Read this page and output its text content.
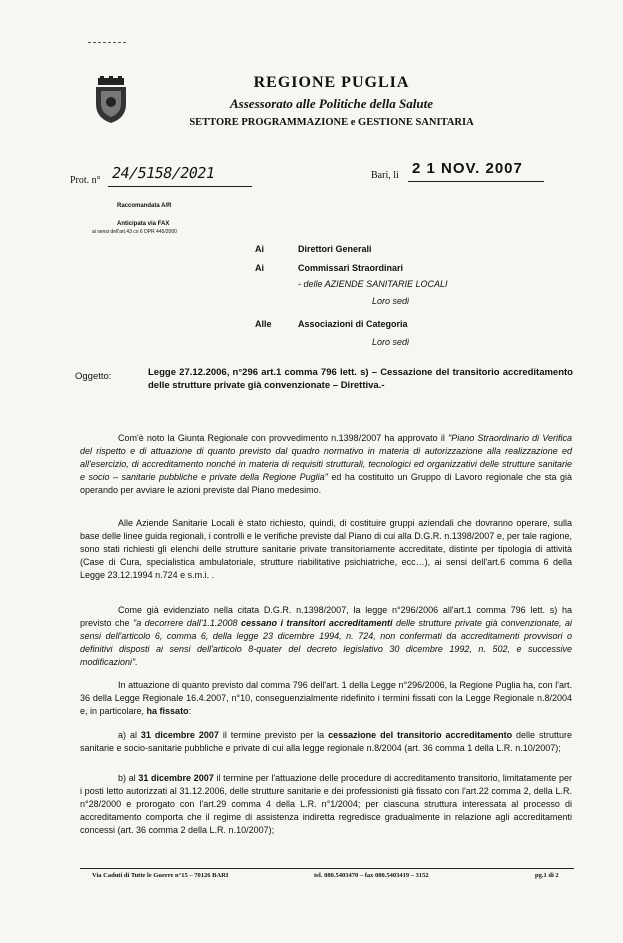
REGIONE PUGLIA
Assessorato alle Politiche della Salute
SETTORE PROGRAMMAZIONE e GESTIONE SANITARIA
Prot. n° 24/5158/2021	Bari, li 2 1 NOV. 2007
Raccomandata A/R
Anticipata via FAX
ai sensi dell'art.43 co 6 DPR 445/2000
Ai	Direttori Generali
Ai	Commissari Straordinari
- delle AZIENDE SANITARIE LOCALI
Loro sedi
Alle	Associazioni di Categoria
Loro sedi
Oggetto:	Legge 27.12.2006, n°296 art.1 comma 796 lett. s) – Cessazione del transitorio accreditamento delle strutture private già convenzionate – Direttiva.-
Com'è noto la Giunta Regionale con provvedimento n.1398/2007 ha approvato il "Piano Straordinario di Verifica del rispetto e di attuazione di quanto previsto dal quadro normativo in materia di autorizzazione alla realizzazione ed all'esercizio, di accreditamento nonché in materia di requisiti strutturali, tecnologici ed organizzativi delle strutture sanitarie e socio – sanitarie pubbliche e private della Regione Puglia" ed ha costituito un Gruppo di Lavoro regionale che sta già operando per avviare le azioni previste dal Piano medesimo.
Alle Aziende Sanitarie Locali è stato richiesto, quindi, di costituire gruppi aziendali che dovranno operare, sulla base delle linee guida regionali, i controlli e le verifiche previste dal Piano di cui alla D.G.R. n.1398/2007 e, per tale ragione, sono stati richiesti gli elenchi delle strutture sanitarie private transitoriamente accreditate, distinte per tipologia di attività (Case di Cura, specialistica ambulatoriale, strutture riabilitative psichiatriche, ecc…), ai sensi dell'art.6 comma 6 della Legge 23.12.1994 n.724 e s.m.i. .
Come già evidenziato nella citata D.G.R. n.1398/2007, la legge n°296/2006 all'art.1 comma 796 lett. s) ha previsto che "a decorrere dall'1.1.2008 cessano i transitori accreditamenti delle strutture private già convenzionate, ai sensi dell'articolo 6, comma 6, della legge 23 dicembre 1994, n. 724, non confermati da accreditamenti provvisori o definitivi disposti ai sensi dell'articolo 8-quater del decreto legislativo 30 dicembre 1992, n. 502, e successive modificazioni".
In attuazione di quanto previsto dal comma 796 dell'art. 1 della Legge n°296/2006, la Regione Puglia ha, con l'art. 36 della Legge Regionale 16.4.2007, n°10, conseguenzialmente ridefinito i termini fissati con la Legge Regionale n.8/2004 e, in particolare, ha fissato:
a) al 31 dicembre 2007 il termine previsto per la cessazione del transitorio accreditamento delle strutture sanitarie e socio-sanitarie pubbliche e private di cui alla legge regionale n.8/2004 (art. 36 comma 1 della L.R. n.10/2007);
b) al 31 dicembre 2007 il termine per l'attuazione delle procedure di accreditamento transitorio, limitatamente per i posti letto autorizzati al 31.12.2006, delle strutture sanitarie e dei professionisti già fissato con l'art.22 comma 2, della L.R. n°28/2000 e prorogato con l'art.29 comma 4 della L.R. n°1/2004; per ciascuna struttura interessata al processo di accreditamento comporta che il regime di assistenza indiretta regredisce gradualmente in relazione agli accreditamenti concessi (art. 36 comma 2 della L.R. n.10/2007);
Via Caduti di Tutte le Guerre n°15 – 70126 BARI	tel. 080.5403470 – fax 080.5403419 – 3152	pg.1 di 2
